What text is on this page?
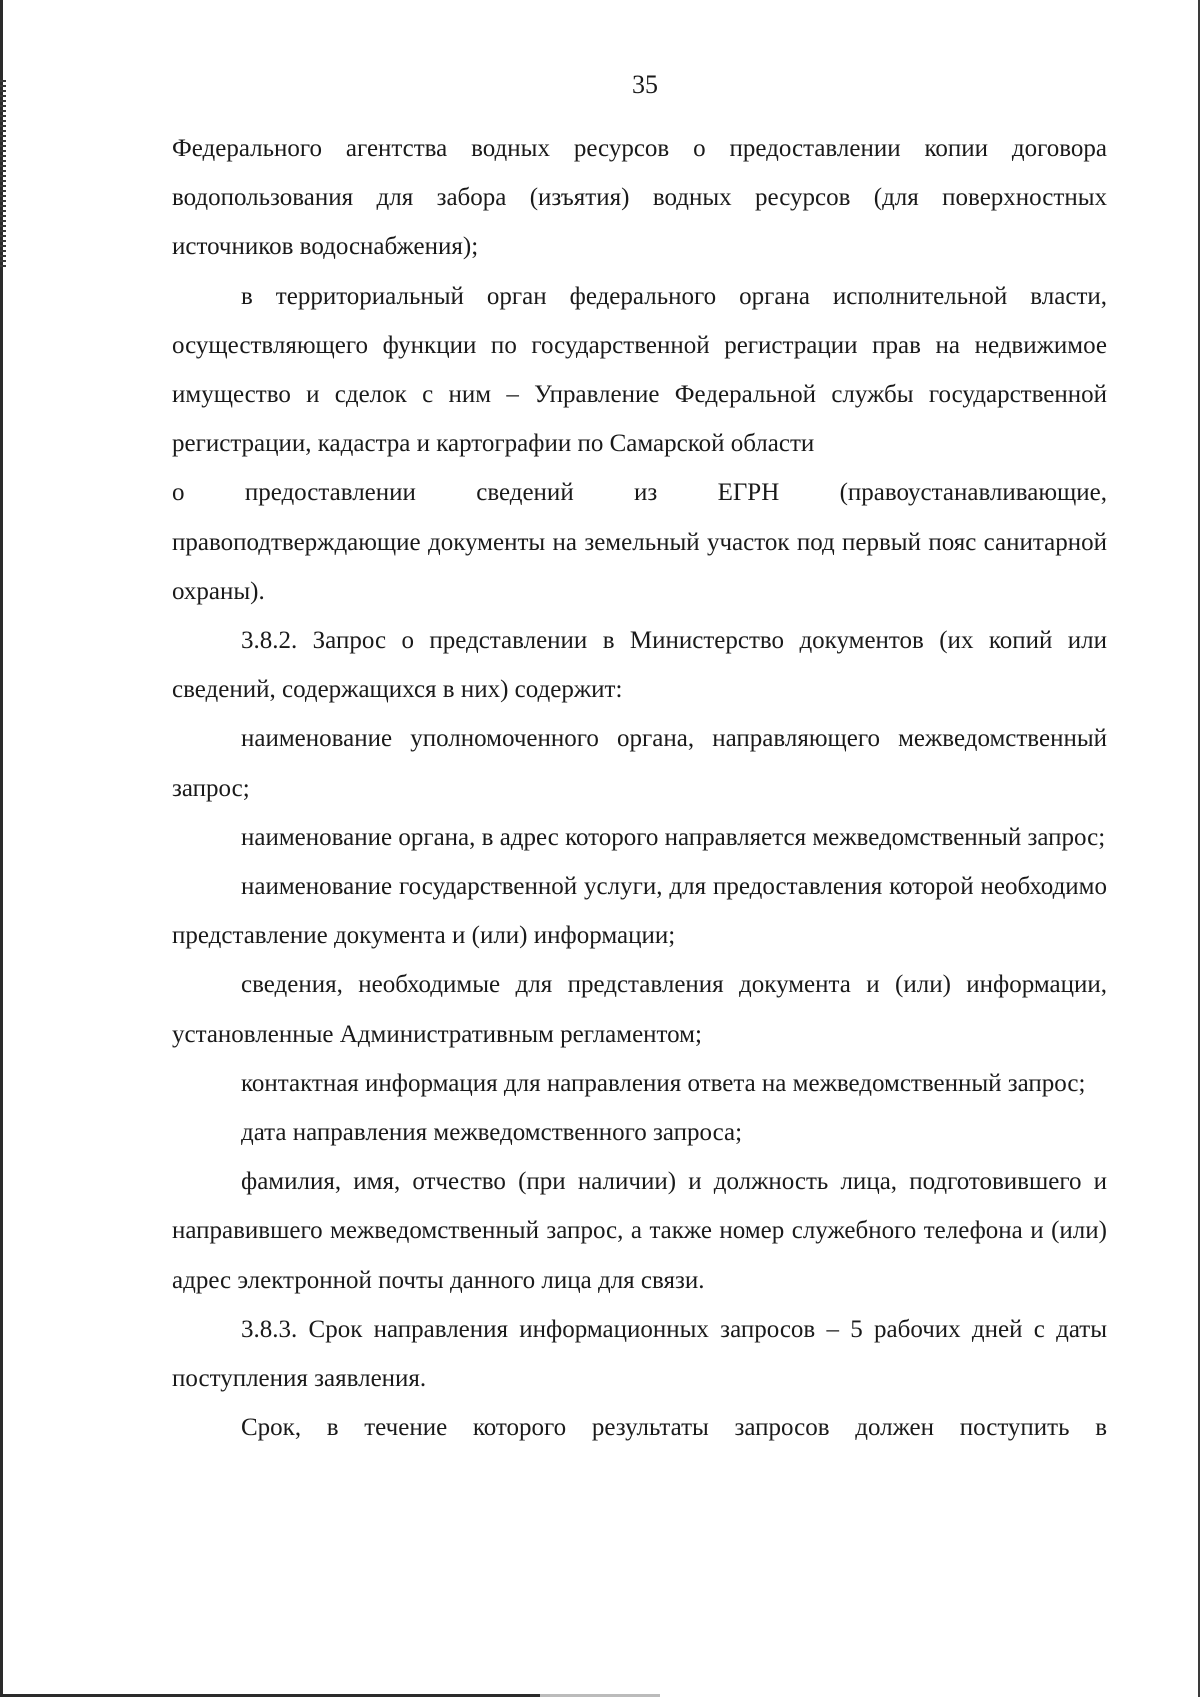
35

Федерального агентства водных ресурсов о предоставлении копии договора водопользования для забора (изъятия) водных ресурсов (для поверхностных источников водоснабжения);

в территориальный орган федерального органа исполнительной власти, осуществляющего функции по государственной регистрации прав на недвижимое имущество и сделок с ним – Управление Федеральной службы государственной регистрации, кадастра и картографии по Самарской области

о предоставлении сведений из ЕГРН (правоустанавливающие,

правоподтверждающие документы на земельный участок под первый пояс санитарной охраны).

3.8.2. Запрос о представлении в Министерство документов (их копий или сведений, содержащихся в них) содержит:

наименование уполномоченного органа, направляющего межведомственный запрос;

наименование органа, в адрес которого направляется межведомственный запрос;

наименование государственной услуги, для предоставления которой необходимо представление документа и (или) информации;

сведения, необходимые для представления документа и (или) информации, установленные Административным регламентом;

контактная информация для направления ответа на межведомственный запрос;

дата направления межведомственного запроса;

фамилия, имя, отчество (при наличии) и должность лица, подготовившего и направившего межведомственный запрос, а также номер служебного телефона и (или) адрес электронной почты данного лица для связи.

3.8.3. Срок направления информационных запросов – 5 рабочих дней с даты поступления заявления.

Срок, в течение которого результаты запросов должен поступить в
